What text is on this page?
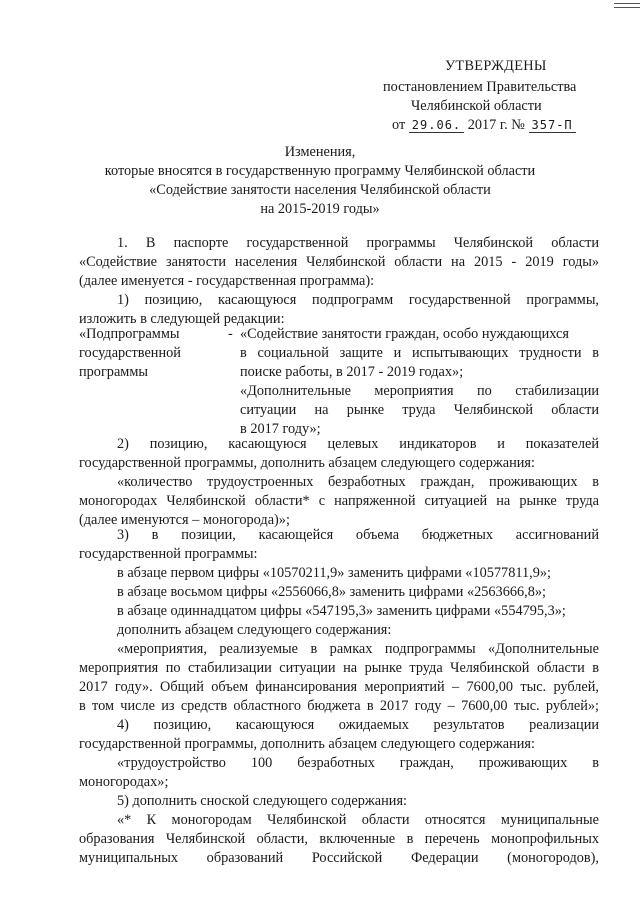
УТВЕРЖДЕНЫ
постановлением Правительства
Челябинской области
от 29.06. 2017 г. № 357-П
Изменения,
которые вносятся в государственную программу Челябинской области
«Содействие занятости населения Челябинской области
на 2015-2019 годы»
1. В паспорте государственной программы Челябинской области
«Содействие занятости населения Челябинской области на 2015 - 2019 годы»
(далее именуется - государственная программа):
1) позицию, касающуюся подпрограмм государственной программы,
изложить в следующей редакции:
«Подпрограммы
государственной
программы
- «Содействие занятости граждан, особо нуждающихся
в социальной защите и испытывающих трудности в
поиске работы, в 2017 - 2019 годах»;
«Дополнительные мероприятия по стабилизации
ситуации на рынке труда Челябинской области
в 2017 году»;
2) позицию, касающуюся целевых индикаторов и показателей
государственной программы, дополнить абзацем следующего содержания:
«количество трудоустроенных безработных граждан, проживающих в
моногородах Челябинской области* с напряженной ситуацией на рынке труда
(далее именуются – моногорода)»;
3) в позиции, касающейся объема бюджетных ассигнований
государственной программы:
в абзаце первом цифры «10570211,9» заменить цифрами «10577811,9»;
в абзаце восьмом цифры «2556066,8» заменить цифрами «2563666,8»;
в абзаце одиннадцатом цифры «547195,3» заменить цифрами «554795,3»;
дополнить абзацем следующего содержания:
«мероприятия, реализуемые в рамках подпрограммы «Дополнительные
мероприятия по стабилизации ситуации на рынке труда Челябинской области в
2017 году». Общий объем финансирования мероприятий – 7600,00 тыс. рублей,
в том числе из средств областного бюджета в 2017 году – 7600,00 тыс. рублей»;
4) позицию, касающуюся ожидаемых результатов реализации
государственной программы, дополнить абзацем следующего содержания:
«трудоустройство 100 безработных граждан, проживающих в
моногородах»;
5) дополнить сноской следующего содержания:
«* К моногородам Челябинской области относятся муниципальные
образования Челябинской области, включенные в перечень монопрофильных
муниципальных образований Российской Федерации (моногородов),
